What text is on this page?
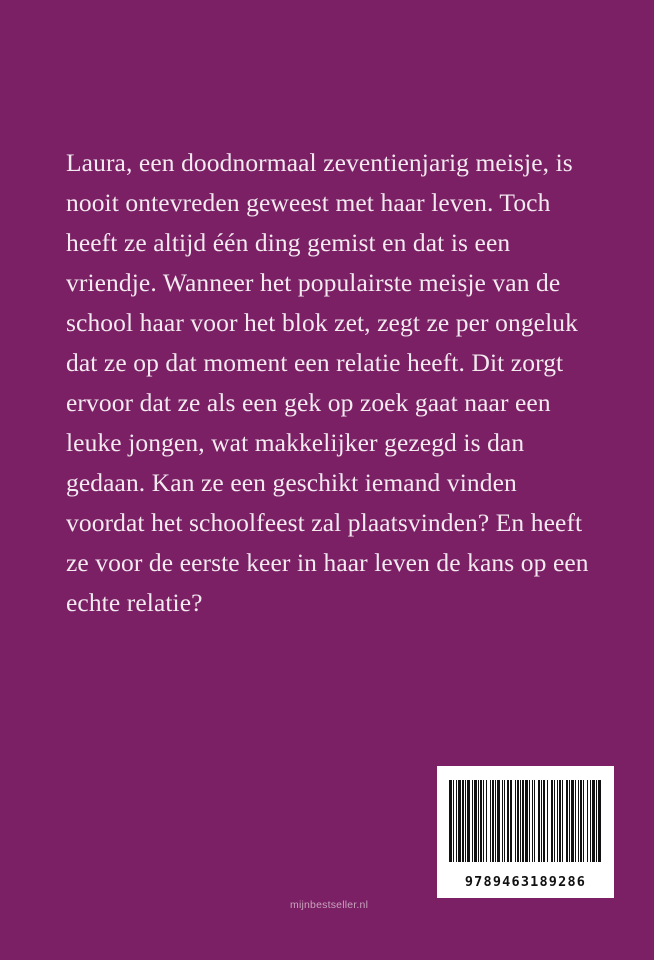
Laura, een doodnormaal zeventienjarig meisje, is nooit ontevreden geweest met haar leven. Toch heeft ze altijd één ding gemist en dat is een vriendje. Wanneer het populairste meisje van de school haar voor het blok zet, zegt ze per ongeluk dat ze op dat moment een relatie heeft. Dit zorgt ervoor dat ze als een gek op zoek gaat naar een leuke jongen, wat makkelijker gezegd is dan gedaan. Kan ze een geschikt iemand vinden voordat het schoolfeest zal plaatsvinden? En heeft ze voor de eerste keer in haar leven de kans op een echte relatie?
9789463189286
mijnbestseller.nl
